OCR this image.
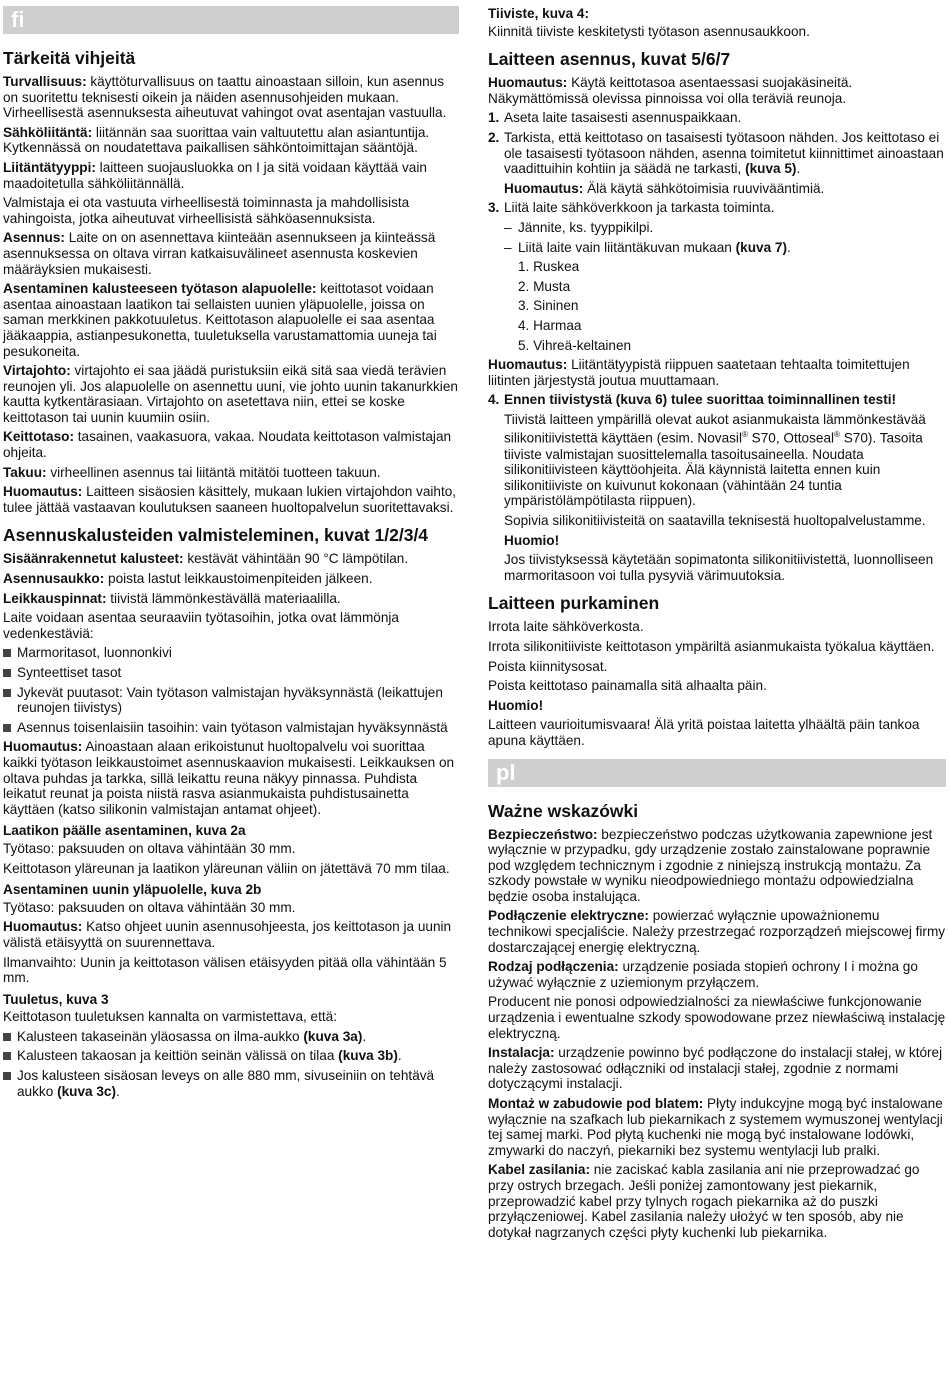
fi
Tärkeitä vihjeitä

Turvallisuus: käyttöturvallisuus on taattu ainoastaan silloin, kun asennus on suoritettu teknisesti oikein ja näiden asennusohjeiden mukaan. Virheellisestä asennuksesta aiheutuvat vahingot ovat asentajan vastuulla.

Sähköliitäntä: liitännän saa suorittaa vain valtuutettu alan asiantuntija. Kytkennässä on noudatettava paikallisen sähköntoimittajan sääntöjä.

Liitäntätyyppi: laitteen suojausluokka on I ja sitä voidaan käyttää vain maadoitetulla sähköliitännällä.

Valmistaja ei ota vastuuta virheellisestä toiminnasta ja mahdollisista vahingoista, jotka aiheutuvat virheellisistä sähköasennuksista.

Asennus: Laite on on asennettava kiinteään asennukseen ja kiinteässä asennuksessa on oltava virran katkaisuvälineet asennusta koskevien määräyksien mukaisesti.

Asentaminen kalusteeseen työtason alapuolelle: keittotasot voidaan asentaa ainoastaan laatikon tai sellaisten uunien yläpuolelle, joissa on saman merkkinen pakkotuuletus. Keittotason alapuolelle ei saa asentaa jääkaappia, astianpesukonetta, tuuletuksella varustamattomia uuneja tai pesukoneita.

Virtajohto: virtajohto ei saa jäädä puristuksiin eikä sitä saa viedä terävien reunojen yli. Jos alapuolelle on asennettu uuni, vie johto uunin takanurkkien kautta kytkentärasiaan. Virtajohto on asetettava niin, ettei se koske keittotason tai uunin kuumiin osiin.

Keittotaso: tasainen, vaakasuora, vakaa. Noudata keittotason valmistajan ohjeita.

Takuu: virheellinen asennus tai liitäntä mitätöi tuotteen takuun.

Huomautus: Laitteen sisäosien käsittely, mukaan lukien virtajohdon vaihto, tulee jättää vastaavan koulutuksen saaneen huoltopalvelun suoritettavaksi.

Asennuskalusteiden valmisteleminen, kuvat 1/2/3/4

Sisäänrakennetut kalusteet: kestävät vähintään 90 °C lämpötilan.

Asennusaukko: poista lastut leikkaustoimenpiteiden jälkeen.

Leikkauspinnat: tiivistä lämmönkestävällä materiaalilla.

Laite voidaan asentaa seuraaviin työtasoihin, jotka ovat lämmönja vedenkestäviä:

Marmoritasot, luonnonkivi
Synteettiset tasot
Jykevät puutasot: Vain työtason valmistajan hyväksynnästä (leikattujen reunojen tiivistys)
Asennus toisenlaisiin tasoihin: vain työtason valmistajan hyväksynnästä

Huomautus: Ainoastaan alaan erikoistunut huoltopalvelu voi suorittaa kaikki työtason leikkaustoimet asennuskaavion mukaisesti. Leikkauksen on oltava puhdas ja tarkka, sillä leikattu reuna näkyy pinnassa. Puhdista leikatut reunat ja poista niistä rasva asianmukaista puhdistusainetta käyttäen (katso silikonin valmistajan antamat ohjeet).

Laatikon päälle asentaminen, kuva 2a

Työtaso: paksuuden on oltava vähintään 30 mm.

Keittotason yläreunan ja laatikon yläreunan väliin on jätettävä 70 mm tilaa.

Asentaminen uunin yläpuolelle, kuva 2b

Työtaso: paksuuden on oltava vähintään 30 mm.

Huomautus: Katso ohjeet uunin asennusohjeesta, jos keittotason ja uunin välistä etäisyyttä on suurennettava.

Ilmanvaihto: Uunin ja keittotason välisen etäisyyden pitää olla vähintään 5 mm.

Tuuletus, kuva 3

Keittotason tuuletuksen kannalta on varmistettava, että:

Kalusteen takaseinän yläosassa on ilma-aukko (kuva 3a).
Kalusteen takaosan ja keittiön seinän välissä on tilaa (kuva 3b).
Jos kalusteen sisäosan leveys on alle 880 mm, sivuseiniin on tehtävä aukko (kuva 3c).
Tiiviste, kuva 4:

Kiinnitä tiiviste keskitetysti työtason asennusaukkoon.

Laitteen asennus, kuvat 5/6/7

Huomautus: Käytä keittotasoa asentaessasi suojakäsineitä. Näkymättömissä olevissa pinnoissa voi olla teräviä reunoja.

1. Aseta laite tasaisesti asennuspaikkaan.
2. Tarkista, että keittotaso on tasaisesti työtasoon nähden. Jos keittotaso ei ole tasaisesti työtasoon nähden, asenna toimitetut kiinnittimet ainoastaan vaadittuihin kohtiin ja säädä ne tarkasti, (kuva 5).

Huomautus: Älä käytä sähkötoimisia ruuvivääntimiä.

3. Liitä laite sähköverkkoon ja tarkasta toiminta.
– Jännite, ks. tyyppikilpi.
– Liitä laite vain liitäntäkuvan mukaan (kuva 7).
1. Ruskea
2. Musta
3. Sininen
4. Harmaa
5. Vihreä-keltainen

Huomautus: Liitäntätyypistä riippuen saatetaan tehtaalta toimitettujen liitinten järjestystä joutua muuttamaan.

4. Ennen tiivistystä (kuva 6) tulee suorittaa toiminnallinen testi!

Tiivistä laitteen ympärillä olevat aukot asianmukaista lämmönkestävää silikonitiivistettä käyttäen (esim. Novasil® S70, Ottoseal® S70). Tasoita tiiviste valmistajan suosittelemalla tasoitusaineella. Noudata silikonitiivisteen käyttöohjeita. Älä käynnistä laitetta ennen kuin silikonitiiviste on kuivunut kokonaan (vähintään 24 tuntia ympäristölämpötilasta riippuen).

Sopivia silikonitiivisteitä on saatavilla teknisestä huoltopalvelustamme.

Huomio!

Jos tiivistyksessä käytetään sopimatonta silikonitiivistettä, luonnolliseen marmoritasoon voi tulla pysyviä värimuutoksia.

Laitteen purkaminen

Irrota laite sähköverkosta.

Irrota silikonitiiviste keittotason ympäriltä asianmukaista työkalua käyttäen.

Poista kiinnitysosat.

Poista keittotaso painamalla sitä alhaalta päin.

Huomio!

Laitteen vaurioitumisvaara! Älä yritä poistaa laitetta ylhäältä päin tankoa apuna käyttäen.

pl
Ważne wskazówki

Bezpieczeństwo: bezpieczeństwo podczas użytkowania zapewnione jest wyłącznie w przypadku, gdy urządzenie zostało zainstalowane poprawnie pod względem technicznym i zgodnie z niniejszą instrukcją montażu. Za szkody powstałe w wyniku nieodpowiedniego montażu odpowiedzialna będzie osoba instalująca.

Podłączenie elektryczne: powierzać wyłącznie upoważnionemu technikowi specjaliście. Należy przestrzegać rozporządzeń miejscowej firmy dostarczającej energię elektryczną.

Rodzaj podłączenia: urządzenie posiada stopień ochrony I i można go używać wyłącznie z uziemionym przyłączem.

Producent nie ponosi odpowiedzialności za niewłaściwe funkcjonowanie urządzenia i ewentualne szkody spowodowane przez niewłaściwą instalację elektryczną.

Instalacja: urządzenie powinno być podłączone do instalacji stałej, w której należy zastosować odłączniki od instalacji stałej, zgodnie z normami dotyczącymi instalacji.

Montaż w zabudowie pod blatem: Płyty indukcyjne mogą być instalowane wyłącznie na szafkach lub piekarnikach z systemem wymuszonej wentylacji tej samej marki. Pod płytą kuchenki nie mogą być instalowane lodówki, zmywarki do naczyń, piekarniki bez systemu wentylacji lub pralki.

Kabel zasilania: nie zaciskać kabla zasilania ani nie przeprowadzać go przy ostrych brzegach. Jeśli poniżej zamontowany jest piekarnik, przeprowadzić kabel przy tylnych rogach piekarnika aż do puszki przyłączeniowej. Kabel zasilania należy ułożyć w ten sposób, aby nie dotykał nagrzanych części płyty kuchenki lub piekarnika.
